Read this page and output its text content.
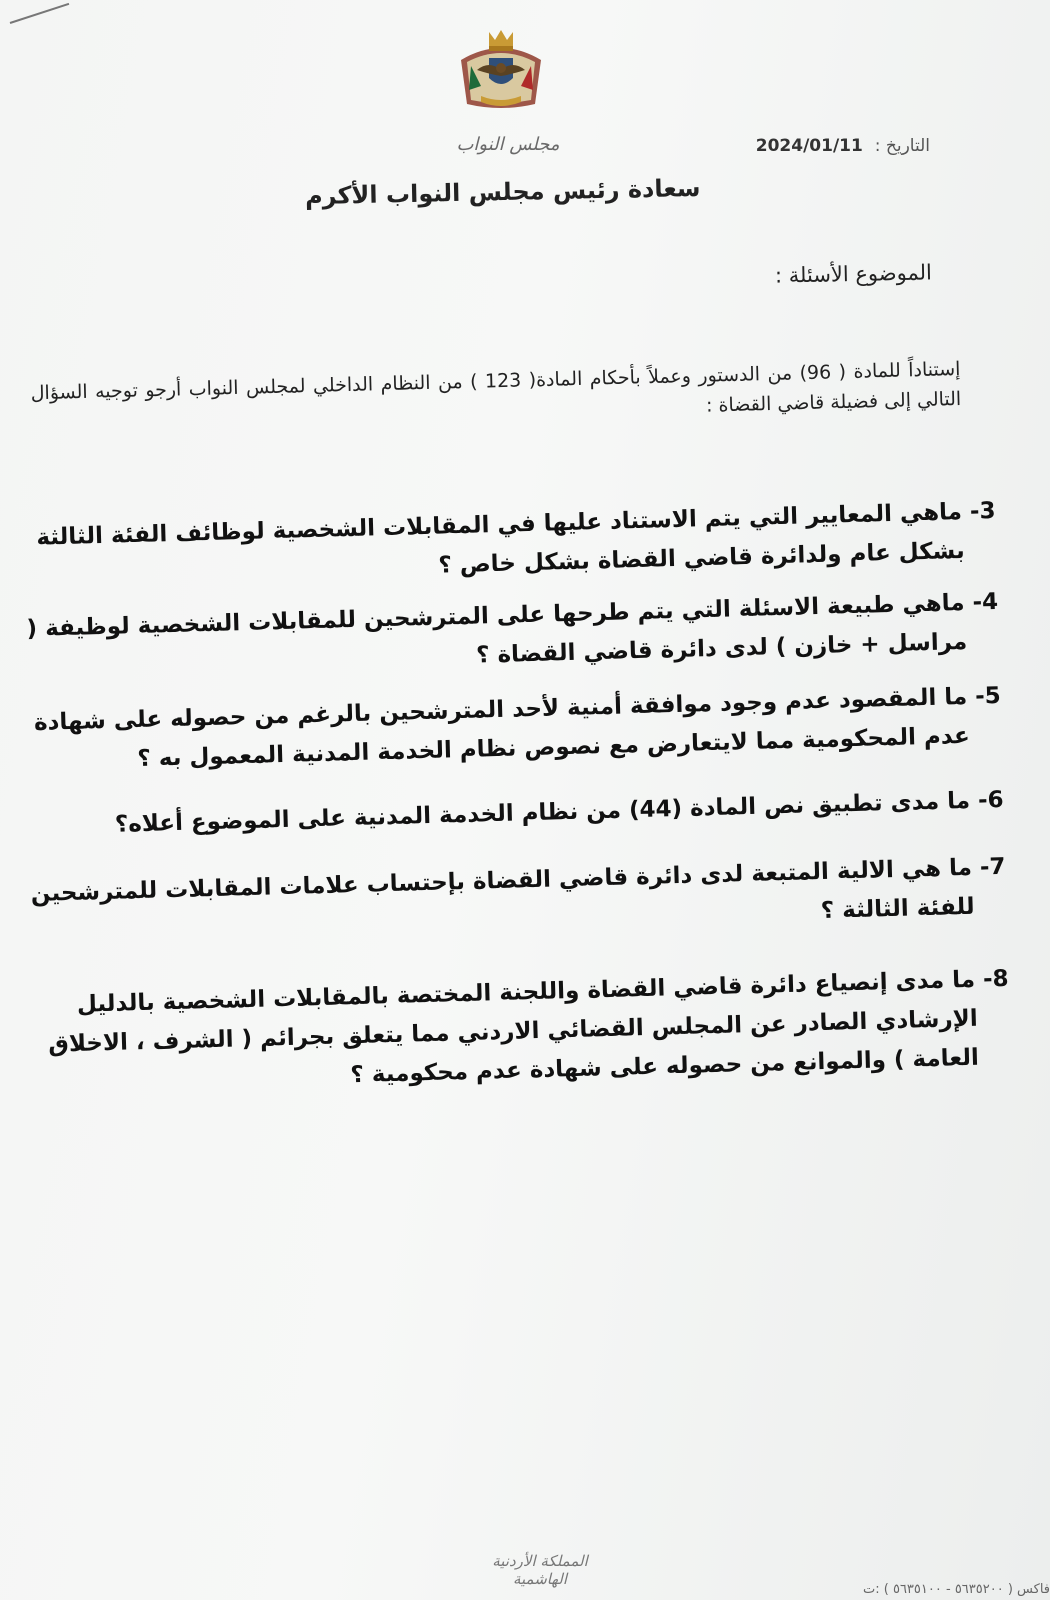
مجلس النواب	التاريخ : 2024/01/11
سعادة رئيس مجلس النواب الأكرم
الموضوع الأسئلة :
إستناداً للمادة ( 96) من الدستور وعملاً بأحكام المادة( 123 ) من النظام الداخلي لمجلس النواب أرجو توجيه السؤال التالي إلى فضيلة قاضي القضاة :

3- ماهي المعايير التي يتم الاستناد عليها في المقابلات الشخصية لوظائف الفئة الثالثة بشكل عام ولدائرة قاضي القضاة بشكل خاص ؟

4- ماهي طبيعة الاسئلة التي يتم طرحها على المترشحين للمقابلات الشخصية لوظيفة ( مراسل + خازن ) لدى دائرة قاضي القضاة ؟

5- ما المقصود عدم وجود موافقة أمنية لأحد المترشحين بالرغم من حصوله على شهادة عدم المحكومية مما لايتعارض مع نصوص نظام الخدمة المدنية المعمول به ؟

6- ما مدى تطبيق نص المادة (44) من نظام الخدمة المدنية على الموضوع أعلاه؟

7- ما هي الالية المتبعة لدى دائرة قاضي القضاة بإحتساب علامات المقابلات للمترشحين للفئة الثالثة ؟

8- ما مدى إنصياع دائرة قاضي القضاة واللجنة المختصة بالمقابلات الشخصية بالدليل الإرشادي الصادر عن المجلس القضائي الاردني مما يتعلق بجرائم ( الشرف ، الاخلاق العامة ) والموانع من حصوله على شهادة عدم محكومية ؟

المملكة الأردنية الهاشمية
فاكس ( ٥٦٣٥٢٠٠ - ٥٦٣٥١٠٠ ) :ت
